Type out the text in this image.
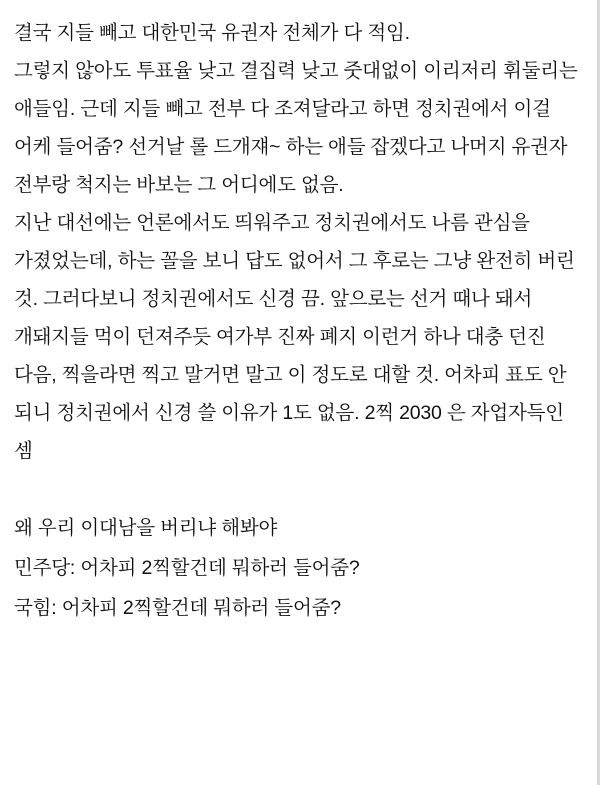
결국 지들 빼고 대한민국 유권자 전체가 다 적임.

그렇지 않아도 투표율 낮고 결집력 낮고 줏대없이 이리저리 휘둘리는 애들임. 근데 지들 빼고 전부 다 조져달라고 하면 정치권에서 이걸 어케 들어줌? 선거날 롤 드개쟤~ 하는 애들 잡겠다고 나머지 유권자 전부랑 척지는 바보는 그 어디에도 없음.

지난 대선에는 언론에서도 띄워주고 정치권에서도 나름 관심을 가졌었는데, 하는 꼴을 보니 답도 없어서 그 후로는 그냥 완전히 버린 것. 그러다보니 정치권에서도 신경 끔. 앞으로는 선거 때나 돼서 개돼지들 먹이 던져주듯 여가부 진짜 폐지 이런거 하나 대충 던진 다음, 찍을라면 찍고 말거면 말고 이 정도로 대할 것. 어차피 표도 안 되니 정치권에서 신경 쓸 이유가 1도 없음. 2찍 2030 은 자업자득인 셈

왜 우리 이대남을 버리냐 해봐야

민주당: 어차피 2찍할건데 뭐하러 들어줌?

국힘: 어차피 2찍할건데 뭐하러 들어줌?
